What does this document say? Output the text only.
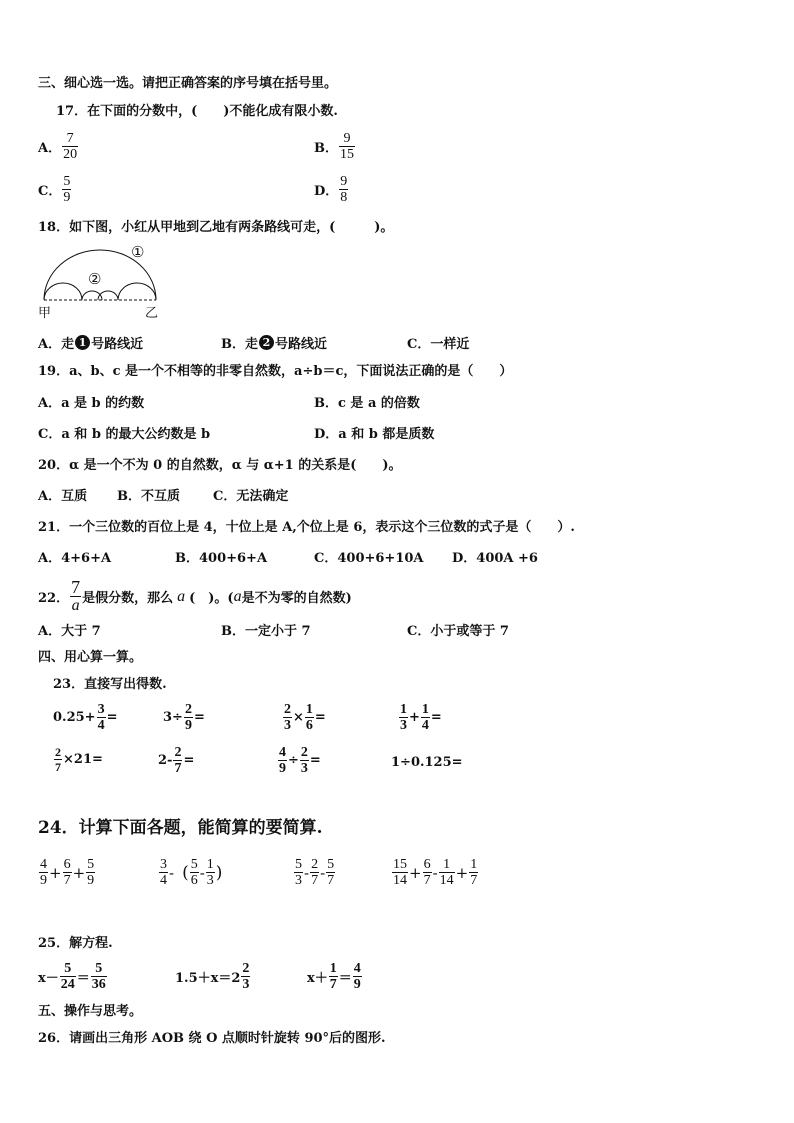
三、细心选一选。请把正确答案的序号填在括号里。
17．在下面的分数中，(　　)不能化成有限小数.
A． $\frac{7}{20}$	B． $\frac{9}{15}$
C． $\frac{5}{9}$	D． $\frac{9}{8}$
18．如下图，小红从甲地到乙地有两条路线可走，(　　　)。
①
②
甲	乙
A．走 1 号路线近	B．走 2 号路线近	C．一样近
19．a、b、c 是一个不相等的非零自然数，a÷b＝c，下面说法正确的是（　　）
A．a 是 b 的约数	B．c 是 a 的倍数
C．a 和 b 的最大公约数是 b	D．a 和 b 都是质数
20．α 是一个不为 0 的自然数，α 与 α+1 的关系是(　　)。
A．互质 B．不互质	C．无法确定
21．一个三位数的百位上是 4，十位上是 A,个位上是 6，表示这个三位数的式子是（　　）.
A．4+6+A	B．400+6+A	C．400+6+10A D．400A +6
22． $\frac{7}{a}$ 是假分数，那么 a (　)。( a 是不为零的自然数)
A．大于 7	B．一定小于 7	C．小于或等于 7
四、用心算一算。
23．直接写出得数.
$0.25+ \frac{3}{4}$ =	$3\div \frac{2}{9}$ =	$\frac{2}{3} \times \frac{1}{6}$ =	$\frac{1}{3} + \frac{1}{4}$ =
$\frac{2}{7} \times 21=$	$2- \frac{2}{7}$ =	$\frac{4}{9} \div \frac{2}{3}$ =	1÷0.125=
24．计算下面各题，能简算的要简算.
$\frac{4}{9} + \frac{6}{7} + \frac{5}{9}$	$\frac{3}{4}$ - ( $\frac{5}{6} - \frac{1}{3}$ )	$\frac{5}{3} - \frac{2}{7} - \frac{5}{7}$	$\frac{15}{14} + \frac{6}{7} - \frac{1}{14} + \frac{1}{7}$
25．解方程.
$x- \frac{5}{24} = \frac{5}{36}$	$1.5+x=2 \frac{2}{3}$	$x+ \frac{1}{7} = \frac{4}{9}$
五、操作与思考。
26．请画出三角形 AOB 绕 O 点顺时针旋转 90°后的图形.
